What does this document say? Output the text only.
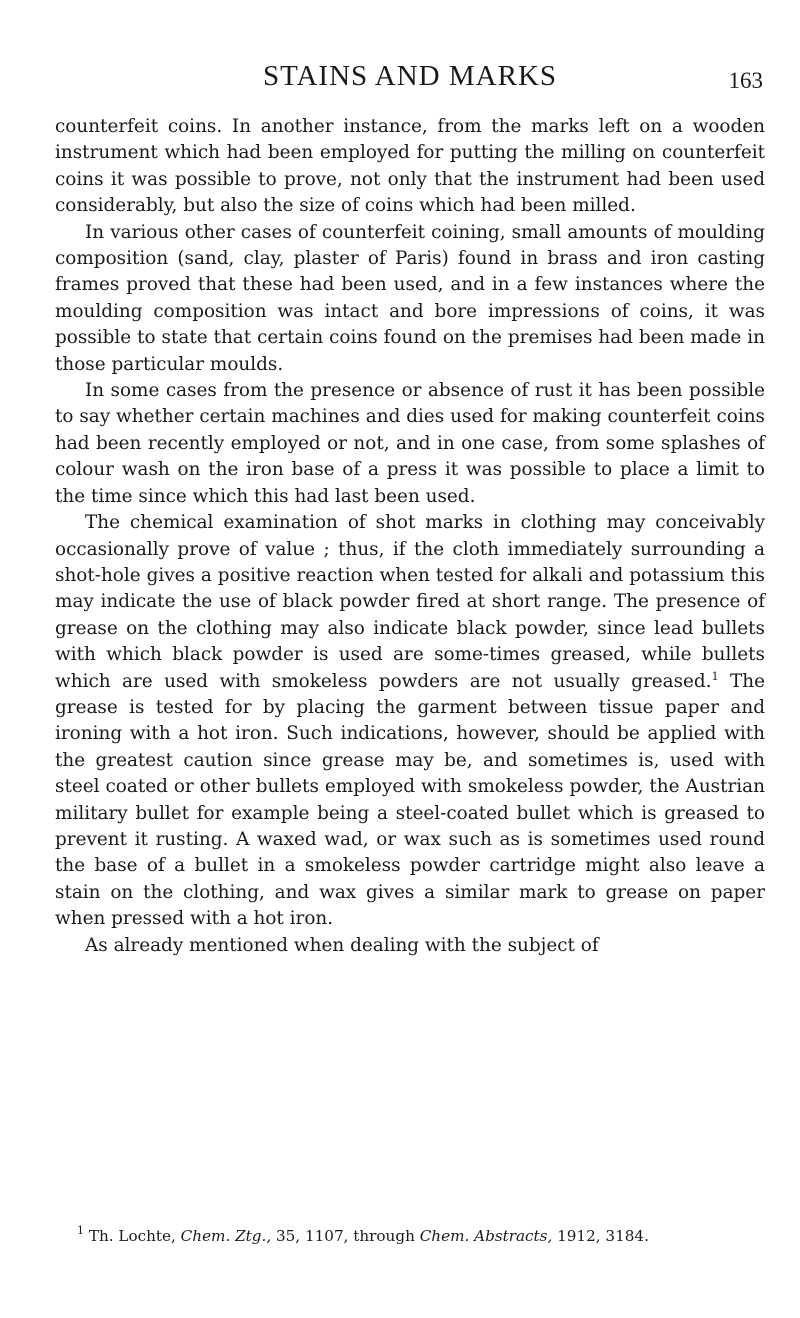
STAINS AND MARKS	163

counterfeit coins. In another instance, from the marks left on a wooden instrument which had been employed for putting the milling on counterfeit coins it was possible to prove, not only that the instrument had been used considerably, but also the size of coins which had been milled.

In various other cases of counterfeit coining, small amounts of moulding composition (sand, clay, plaster of Paris) found in brass and iron casting frames proved that these had been used, and in a few instances where the moulding composition was intact and bore impressions of coins, it was possible to state that certain coins found on the premises had been made in those particular moulds.

In some cases from the presence or absence of rust it has been possible to say whether certain machines and dies used for making counterfeit coins had been recently employed or not, and in one case, from some splashes of colour wash on the iron base of a press it was possible to place a limit to the time since which this had last been used.

The chemical examination of shot marks in clothing may conceivably occasionally prove of value ; thus, if the cloth immediately surrounding a shot-hole gives a positive reaction when tested for alkali and potassium this may indicate the use of black powder fired at short range. The presence of grease on the clothing may also indicate black powder, since lead bullets with which black powder is used are some-times greased, while bullets which are used with smokeless powders are not usually greased.$^1$ The grease is tested for by placing the garment between tissue paper and ironing with a hot iron. Such indications, however, should be applied with the greatest caution since grease may be, and sometimes is, used with steel coated or other bullets employed with smokeless powder, the Austrian military bullet for example being a steel-coated bullet which is greased to prevent it rusting. A waxed wad, or wax such as is sometimes used round the base of a bullet in a smokeless powder cartridge might also leave a stain on the clothing, and wax gives a similar mark to grease on paper when pressed with a hot iron.

As already mentioned when dealing with the subject of

$^1$ Th. Lochte, Chem. Ztg., 35, 1107, through Chem. Abstracts, 1912, 3184.
